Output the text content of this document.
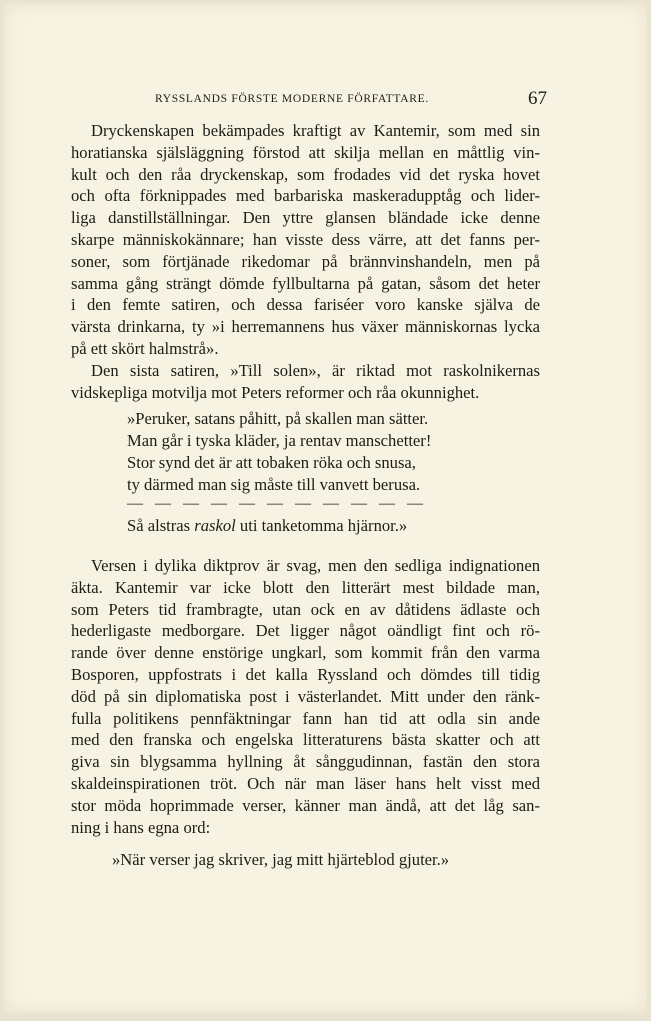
RYSSLANDS FÖRSTE MODERNE FÖRFATTARE.	67
Dryckenskapen bekämpades kraftigt av Kantemir, som med sin
horatianska själsläggning förstod att skilja mellan en måttlig vin-
kult och den råa dryckenskap, som frodades vid det ryska hovet
och ofta förknippades med barbariska maskeradupptåg och lider-
liga danstillställningar. Den yttre glansen bländade icke denne
skarpe människokännare; han visste dess värre, att det fanns per-
soner, som förtjänade rikedomar på brännvinshandeln, men på
samma gång strängt dömde fyllbultarna på gatan, såsom det heter
i den femte satiren, och dessa fariséer voro kanske själva de
värsta drinkarna, ty »i herremannens hus växer människornas lycka
på ett skört halmstrå».
Den sista satiren, »Till solen», är riktad mot raskolnikernas
vidskepliga motvilja mot Peters reformer och råa okunnighet.
»Peruker, satans påhitt, på skallen man sätter.
Man går i tyska kläder, ja rentav manschetter!
Stor synd det är att tobaken röka och snusa,
ty därmed man sig måste till vanvett berusa.
— — — — — — — — — — —
Så alstras raskol uti tanketomma hjärnor.»
Versen i dylika diktprov är svag, men den sedliga indignationen
äkta. Kantemir var icke blott den litterärt mest bildade man,
som Peters tid frambragte, utan ock en av dåtidens ädlaste och
hederligaste medborgare. Det ligger något oändligt fint och rö-
rande över denne enstörige ungkarl, som kommit från den varma
Bosporen, uppfostrats i det kalla Ryssland och dömdes till tidig
död på sin diplomatiska post i västerlandet. Mitt under den ränk-
fulla politikens pennfäktningar fann han tid att odla sin ande
med den franska och engelska litteraturens bästa skatter och att
giva sin blygsamma hyllning åt sånggudinnan, fastän den stora
skaldeinspirationen tröt. Och när man läser hans helt visst med
stor möda hoprimmade verser, känner man ändå, att det låg san-
ning i hans egna ord:
»När verser jag skriver, jag mitt hjärteblod gjuter.»
